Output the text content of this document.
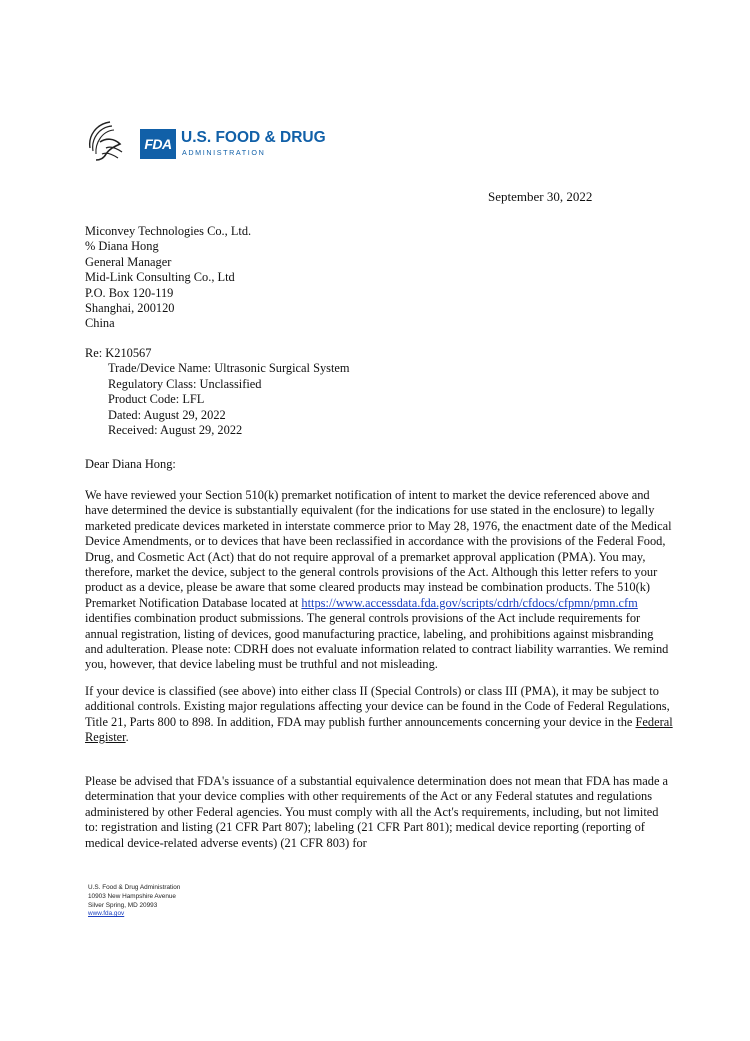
FDA U.S. FOOD & DRUG
ADMINISTRATION
September 30, 2022
Miconvey Technologies Co., Ltd.
% Diana Hong
General Manager
Mid-Link Consulting Co., Ltd
P.O. Box 120-119
Shanghai, 200120
China
Re: K210567
Trade/Device Name: Ultrasonic Surgical System
Regulatory Class: Unclassified
Product Code: LFL
Dated: August 29, 2022
Received: August 29, 2022
Dear Diana Hong:
We have reviewed your Section 510(k) premarket notification of intent to market the device referenced above and have determined the device is substantially equivalent (for the indications for use stated in the enclosure) to legally marketed predicate devices marketed in interstate commerce prior to May 28, 1976, the enactment date of the Medical Device Amendments, or to devices that have been reclassified in accordance with the provisions of the Federal Food, Drug, and Cosmetic Act (Act) that do not require approval of a premarket approval application (PMA). You may, therefore, market the device, subject to the general controls provisions of the Act. Although this letter refers to your product as a device, please be aware that some cleared products may instead be combination products. The 510(k) Premarket Notification Database located at https://www.accessdata.fda.gov/scripts/cdrh/cfdocs/cfpmn/pmn.cfm identifies combination product submissions. The general controls provisions of the Act include requirements for annual registration, listing of devices, good manufacturing practice, labeling, and prohibitions against misbranding and adulteration. Please note: CDRH does not evaluate information related to contract liability warranties. We remind you, however, that device labeling must be truthful and not misleading.
If your device is classified (see above) into either class II (Special Controls) or class III (PMA), it may be subject to additional controls. Existing major regulations affecting your device can be found in the Code of Federal Regulations, Title 21, Parts 800 to 898. In addition, FDA may publish further announcements concerning your device in the Federal Register.
Please be advised that FDA's issuance of a substantial equivalence determination does not mean that FDA has made a determination that your device complies with other requirements of the Act or any Federal statutes and regulations administered by other Federal agencies. You must comply with all the Act's requirements, including, but not limited to: registration and listing (21 CFR Part 807); labeling (21 CFR Part 801); medical device reporting (reporting of medical device-related adverse events) (21 CFR 803) for
U.S. Food & Drug Administration
10903 New Hampshire Avenue
Silver Spring, MD 20993
www.fda.gov
